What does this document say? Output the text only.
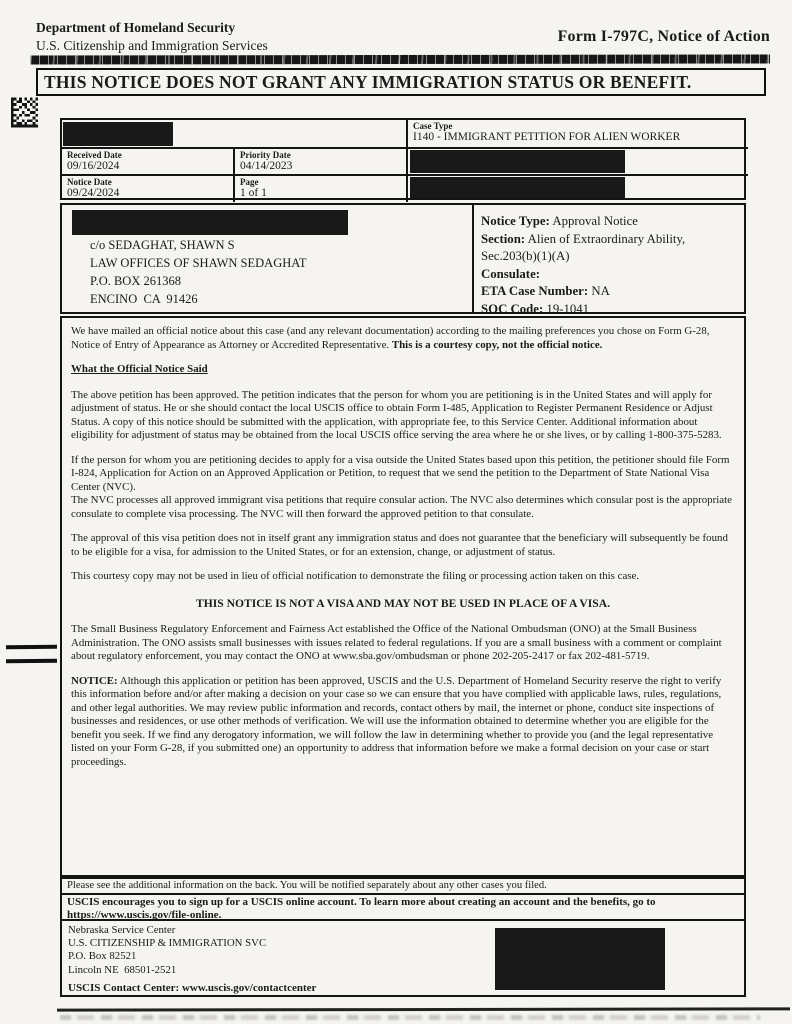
Department of Homeland Security
U.S. Citizenship and Immigration Services
Form I-797C, Notice of Action
THIS NOTICE DOES NOT GRANT ANY IMMIGRATION STATUS OR BENEFIT.
Case Type
I140 - IMMIGRANT PETITION FOR ALIEN WORKER
Received Date
09/16/2024
Priority Date
04/14/2023
Notice Date
09/24/2024
Page
1 of 1
c/o SEDAGHAT, SHAWN S
LAW OFFICES OF SHAWN SEDAGHAT
P.O. BOX 261368
ENCINO  CA  91426
Notice Type: Approval Notice
Section: Alien of Extraordinary Ability,
Sec.203(b)(1)(A)
Consulate:
ETA Case Number: NA
SOC Code: 19-1041
We have mailed an official notice about this case (and any relevant documentation) according to the mailing preferences you chose on Form G-28, Notice of Entry of Appearance as Attorney or Accredited Representative. This is a courtesy copy, not the official notice.
What the Official Notice Said
The above petition has been approved. The petition indicates that the person for whom you are petitioning is in the United States and will apply for adjustment of status. He or she should contact the local USCIS office to obtain Form I-485, Application to Register Permanent Residence or Adjust Status. A copy of this notice should be submitted with the application, with appropriate fee, to this Service Center. Additional information about eligibility for adjustment of status may be obtained from the local USCIS office serving the area where he or she lives, or by calling 1-800-375-5283.
If the person for whom you are petitioning decides to apply for a visa outside the United States based upon this petition, the petitioner should file Form I-824, Application for Action on an Approved Application or Petition, to request that we send the petition to the Department of State National Visa Center (NVC).
The NVC processes all approved immigrant visa petitions that require consular action. The NVC also determines which consular post is the appropriate consulate to complete visa processing. The NVC will then forward the approved petition to that consulate.
The approval of this visa petition does not in itself grant any immigration status and does not guarantee that the beneficiary will subsequently be found to be eligible for a visa, for admission to the United States, or for an extension, change, or adjustment of status.
This courtesy copy may not be used in lieu of official notification to demonstrate the filing or processing action taken on this case.
THIS NOTICE IS NOT A VISA AND MAY NOT BE USED IN PLACE OF A VISA.
The Small Business Regulatory Enforcement and Fairness Act established the Office of the National Ombudsman (ONO) at the Small Business Administration. The ONO assists small businesses with issues related to federal regulations. If you are a small business with a comment or complaint about regulatory enforcement, you may contact the ONO at www.sba.gov/ombudsman or phone 202-205-2417 or fax 202-481-5719.
NOTICE: Although this application or petition has been approved, USCIS and the U.S. Department of Homeland Security reserve the right to verify this information before and/or after making a decision on your case so we can ensure that you have complied with applicable laws, rules, regulations, and other legal authorities. We may review public information and records, contact others by mail, the internet or phone, conduct site inspections of businesses and residences, or use other methods of verification. We will use the information obtained to determine whether you are eligible for the benefit you seek. If we find any derogatory information, we will follow the law in determining whether to provide you (and the legal representative listed on your Form G-28, if you submitted one) an opportunity to address that information before we make a formal decision on your case or start proceedings.
Please see the additional information on the back. You will be notified separately about any other cases you filed.
USCIS encourages you to sign up for a USCIS online account. To learn more about creating an account and the benefits, go to https://www.uscis.gov/file-online.
Nebraska Service Center
U.S. CITIZENSHIP & IMMIGRATION SVC
P.O. Box 82521
Lincoln NE  68501-2521
USCIS Contact Center: www.uscis.gov/contactcenter
